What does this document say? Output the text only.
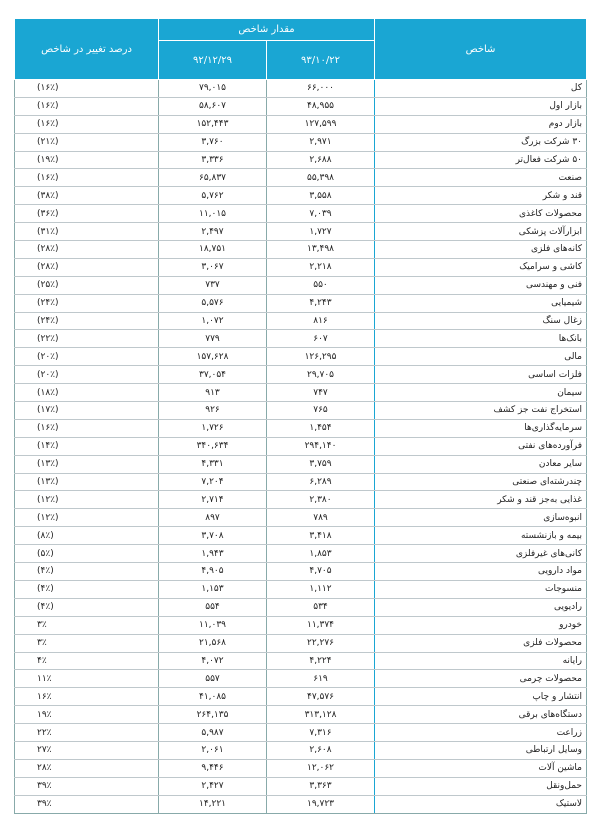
شاخص	مقدار شاخص		درصد تغییر در شاخص
	۹۳/۱۰/۲۲	۹۲/۱۲/۲۹	
کل	۶۶,۰۰۰	۷۹,۰۱۵	(۱۶٪)
بازار اول	۴۸,۹۵۵	۵۸,۶۰۷	(۱۶٪)
بازار دوم	۱۲۷,۵۹۹	۱۵۲,۴۴۳	(۱۶٪)
۳۰ شرکت بزرگ	۲,۹۷۱	۳,۷۶۰	(۲۱٪)
۵۰ شرکت فعال‌تر	۲,۶۸۸	۳,۳۳۶	(۱۹٪)
صنعت	۵۵,۳۹۸	۶۵,۸۳۷	(۱۶٪)
قند و شکر	۳,۵۵۸	۵,۷۶۲	(۳۸٪)
محصولات کاغذی	۷,۰۳۹	۱۱,۰۱۵	(۳۶٪)
ابزارآلات پزشکی	۱,۷۲۷	۲,۴۹۷	(۳۱٪)
کانه‌های فلزی	۱۳,۴۹۸	۱۸,۷۵۱	(۲۸٪)
کاشی و سرامیک	۲,۲۱۸	۳,۰۶۷	(۲۸٪)
فنی و مهندسی	۵۵۰	۷۳۷	(۲۵٪)
شیمیایی	۴,۲۴۳	۵,۵۷۶	(۲۴٪)
زغال سنگ	۸۱۶	۱,۰۷۲	(۲۴٪)
بانک‌ها	۶۰۷	۷۷۹	(۲۲٪)
مالی	۱۲۶,۲۹۵	۱۵۷,۶۲۸	(۲۰٪)
فلزات اساسی	۲۹,۷۰۵	۳۷,۰۵۴	(۲۰٪)
سیمان	۷۴۷	۹۱۳	(۱۸٪)
استخراج نفت جز کشف	۷۶۵	۹۲۶	(۱۷٪)
سرمایه‌گذاری‌ها	۱,۴۵۴	۱,۷۲۶	(۱۶٪)
فرآورده‌های نفتی	۲۹۴,۱۴۰	۳۴۰,۶۳۴	(۱۴٪)
سایر معادن	۳,۷۵۹	۴,۳۳۱	(۱۳٪)
چندرشته‌ای صنعتی	۶,۲۸۹	۷,۲۰۴	(۱۳٪)
غذایی به‌جز قند و شکر	۲,۳۸۰	۲,۷۱۴	(۱۲٪)
انبوه‌سازی	۷۸۹	۸۹۷	(۱۲٪)
بیمه و بازنشسته	۳,۴۱۸	۳,۷۰۸	(۸٪)
کانی‌های غیرفلزی	۱,۸۵۳	۱,۹۴۳	(۵٪)
مواد دارویی	۴,۷۰۵	۴,۹۰۵	(۴٪)
منسوجات	۱,۱۱۲	۱,۱۵۳	(۴٪)
رادیویی	۵۳۴	۵۵۴	(۴٪)
خودرو	۱۱,۳۷۴	۱۱,۰۳۹	۳٪
محصولات فلزی	۲۲,۲۷۶	۲۱,۵۶۸	۳٪
رایانه	۴,۲۲۴	۴,۰۷۲	۴٪
محصولات چرمی	۶۱۹	۵۵۷	۱۱٪
انتشار و چاپ	۴۷,۵۷۶	۴۱,۰۸۵	۱۶٪
دستگاه‌های برقی	۳۱۳,۱۲۸	۲۶۴,۱۳۵	۱۹٪
زراعت	۷,۳۱۶	۵,۹۸۷	۲۲٪
وسایل ارتباطی	۲,۶۰۸	۲,۰۶۱	۲۷٪
ماشین آلات	۱۲,۰۶۲	۹,۴۴۶	۲۸٪
حمل‌ونقل	۳,۳۶۳	۲,۴۲۷	۳۹٪
لاستیک	۱۹,۷۲۳	۱۴,۲۲۱	۳۹٪
